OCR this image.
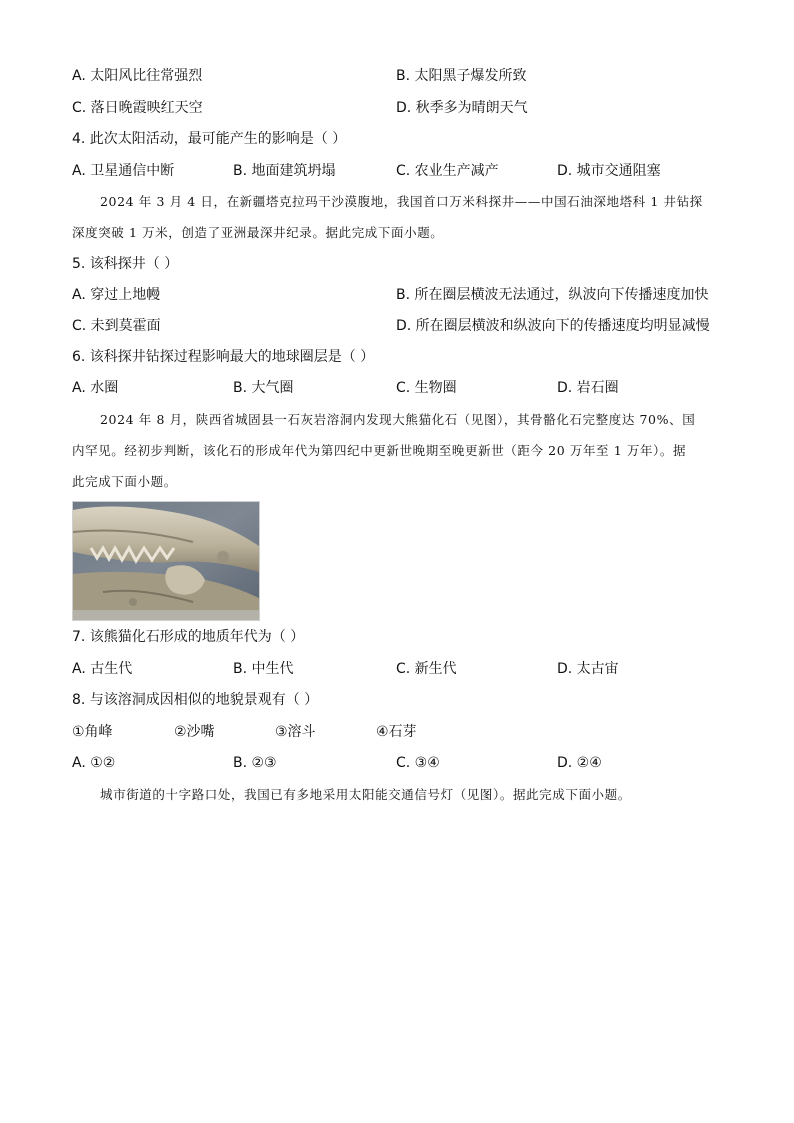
A. 太阳风比往常强烈	B. 太阳黑子爆发所致
C. 落日晚霞映红天空	D. 秋季多为晴朗天气
4. 此次太阳活动，最可能产生的影响是（ ）
A. 卫星通信中断	B. 地面建筑坍塌	C. 农业生产减产	D. 城市交通阻塞
2024 年 3 月 4 日，在新疆塔克拉玛干沙漠腹地，我国首口万米科探井——中国石油深地塔科 1 井钻探
深度突破 1 万米，创造了亚洲最深井纪录。据此完成下面小题。
5. 该科探井（ ）
A. 穿过上地幔	B. 所在圈层横波无法通过，纵波向下传播速度加快
C. 未到莫霍面	D. 所在圈层横波和纵波向下的传播速度均明显减慢
6. 该科探井钻探过程影响最大的地球圈层是（ ）
A. 水圈	B. 大气圈	C. 生物圈	D. 岩石圈
2024 年 8 月，陕西省城固县一石灰岩溶洞内发现大熊猫化石（见图），其骨骼化石完整度达 70%、国
内罕见。经初步判断，该化石的形成年代为第四纪中更新世晚期至晚更新世（距今 20 万年至 1 万年）。据
此完成下面小题。
7. 该熊猫化石形成的地质年代为（ ）
A. 古生代	B. 中生代	C. 新生代	D. 太古宙
8. 与该溶洞成因相似的地貌景观有（ ）
①角峰	②沙嘴	③溶斗	④石芽
A. ①②	B. ②③	C. ③④	D. ②④
城市街道的十字路口处，我国已有多地采用太阳能交通信号灯（见图）。据此完成下面小题。
